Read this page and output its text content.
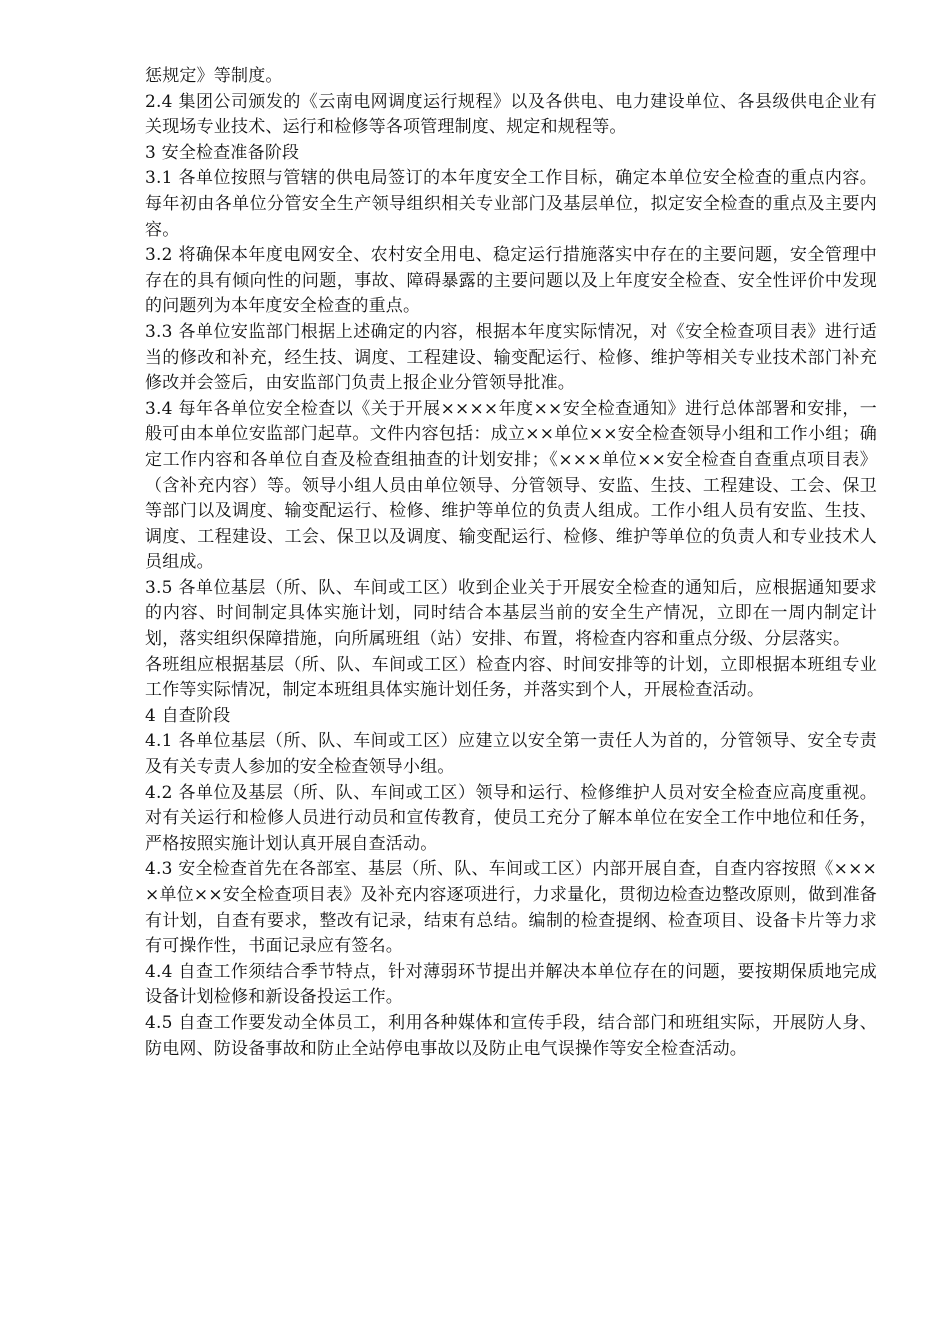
惩规定》等制度。

2.4 集团公司颁发的《云南电网调度运行规程》以及各供电、电力建设单位、各县级供电企业有关现场专业技术、运行和检修等各项管理制度、规定和规程等。

3 安全检查准备阶段

3.1 各单位按照与管辖的供电局签订的本年度安全工作目标，确定本单位安全检查的重点内容。每年初由各单位分管安全生产领导组织相关专业部门及基层单位，拟定安全检查的重点及主要内容。

3.2 将确保本年度电网安全、农村安全用电、稳定运行措施落实中存在的主要问题，安全管理中存在的具有倾向性的问题，事故、障碍暴露的主要问题以及上年度安全检查、安全性评价中发现的问题列为本年度安全检查的重点。

3.3 各单位安监部门根据上述确定的内容，根据本年度实际情况，对《安全检查项目表》进行适当的修改和补充，经生技、调度、工程建设、输变配运行、检修、维护等相关专业技术部门补充修改并会签后，由安监部门负责上报企业分管领导批准。

3.4 每年各单位安全检查以《关于开展××××年度××安全检查通知》进行总体部署和安排，一般可由本单位安监部门起草。文件内容包括：成立××单位××安全检查领导小组和工作小组；确定工作内容和各单位自查及检查组抽查的计划安排；《×××单位××安全检查自查重点项目表》（含补充内容）等。领导小组人员由单位领导、分管领导、安监、生技、工程建设、工会、保卫等部门以及调度、输变配运行、检修、维护等单位的负责人组成。工作小组人员有安监、生技、调度、工程建设、工会、保卫以及调度、输变配运行、检修、维护等单位的负责人和专业技术人员组成。

3.5 各单位基层（所、队、车间或工区）收到企业关于开展安全检查的通知后，应根据通知要求的内容、时间制定具体实施计划，同时结合本基层当前的安全生产情况，立即在一周内制定计划，落实组织保障措施，向所属班组（站）安排、布置，将检查内容和重点分级、分层落实。

各班组应根据基层（所、队、车间或工区）检查内容、时间安排等的计划，立即根据本班组专业工作等实际情况，制定本班组具体实施计划任务，并落实到个人，开展检查活动。

4 自查阶段

4.1 各单位基层（所、队、车间或工区）应建立以安全第一责任人为首的，分管领导、安全专责及有关专责人参加的安全检查领导小组。

4.2 各单位及基层（所、队、车间或工区）领导和运行、检修维护人员对安全检查应高度重视。对有关运行和检修人员进行动员和宣传教育，使员工充分了解本单位在安全工作中地位和任务，严格按照实施计划认真开展自查活动。

4.3 安全检查首先在各部室、基层（所、队、车间或工区）内部开展自查，自查内容按照《××××单位××安全检查项目表》及补充内容逐项进行，力求量化，贯彻边检查边整改原则，做到准备有计划，自查有要求，整改有记录，结束有总结。编制的检查提纲、检查项目、设备卡片等力求有可操作性，书面记录应有签名。

4.4 自查工作须结合季节特点，针对薄弱环节提出并解决本单位存在的问题，要按期保质地完成设备计划检修和新设备投运工作。

4.5 自查工作要发动全体员工，利用各种媒体和宣传手段，结合部门和班组实际，开展防人身、防电网、防设备事故和防止全站停电事故以及防止电气误操作等安全检查活动。
